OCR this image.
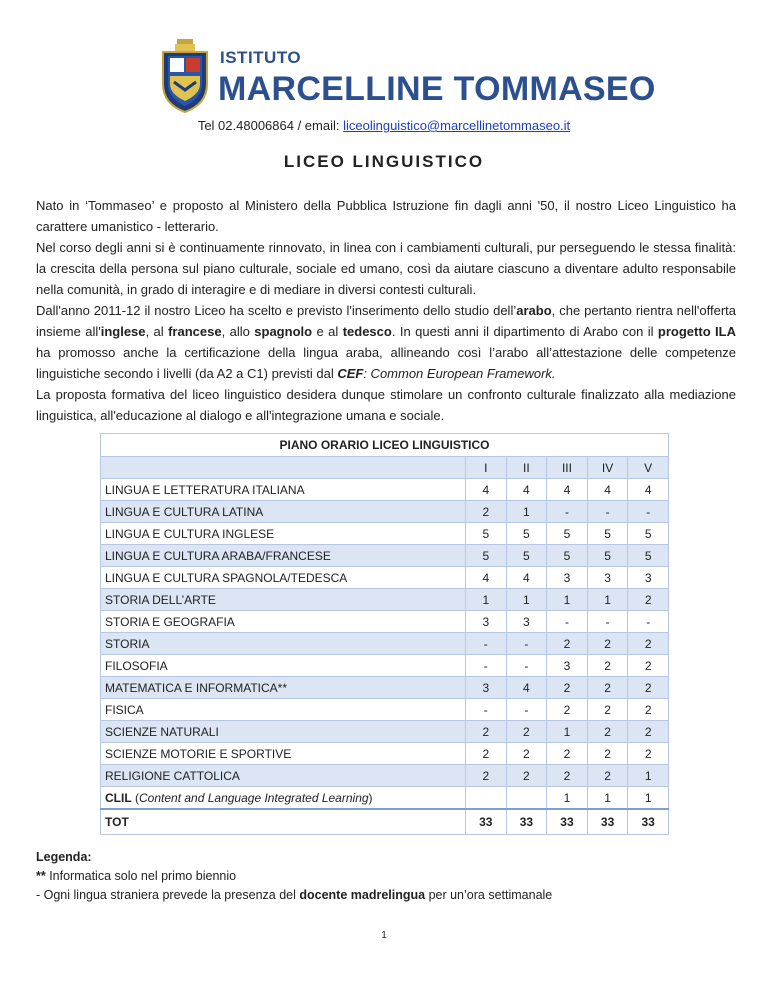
ISTITUTO
MARCELLINE TOMMASEO
Tel 02.48006864 / email: liceolinguistico@marcellinetommaseo.it
LICEO LINGUISTICO

Nato in ‘Tommaseo’ e proposto al Ministero della Pubblica Istruzione fin dagli anni '50, il nostro Liceo Linguistico ha carattere umanistico - letterario.

Nel corso degli anni si è continuamente rinnovato, in linea con i cambiamenti culturali, pur perseguendo le stessa finalità: la crescita della persona sul piano culturale, sociale ed umano, così da aiutare ciascuno a diventare adulto responsabile nella comunità, in grado di interagire e di mediare in diversi contesti culturali.

Dall'anno 2011-12 il nostro Liceo ha scelto e previsto l'inserimento dello studio dell’arabo, che pertanto rientra nell'offerta insieme all'inglese, al francese, allo spagnolo e al tedesco. In questi anni il dipartimento di Arabo con il progetto ILA ha promosso anche la certificazione della lingua araba, allineando così l’arabo all’attestazione delle competenze linguistiche secondo i livelli (da A2 a C1) previsti dal CEF: Common European Framework.

La proposta formativa del liceo linguistico desidera dunque stimolare un confronto culturale finalizzato alla mediazione linguistica, all'educazione al dialogo e all'integrazione umana e sociale.

PIANO ORARIO LICEO LINGUISTICO					
	I	II	III	IV	V
LINGUA E LETTERATURA ITALIANA	4	4	4	4	4
LINGUA E CULTURA LATINA	2	1	-	-	-
LINGUA E CULTURA INGLESE	5	5	5	5	5
LINGUA E CULTURA ARABA/FRANCESE	5	5	5	5	5
LINGUA E CULTURA SPAGNOLA/TEDESCA	4	4	3	3	3
STORIA DELL’ARTE	1	1	1	1	2
STORIA E GEOGRAFIA	3	3	-	-	-
STORIA	-	-	2	2	2
FILOSOFIA	-	-	3	2	2
MATEMATICA E INFORMATICA**	3	4	2	2	2
FISICA	-	-	2	2	2
SCIENZE NATURALI	2	2	1	2	2
SCIENZE MOTORIE E SPORTIVE	2	2	2	2	2
RELIGIONE CATTOLICA	2	2	2	2	1
CLIL (Content and Language Integrated Learning)			1	1	1
TOT	33	33	33	33	33
Legenda:
** Informatica solo nel primo biennio
- Ogni lingua straniera prevede la presenza del docente madrelingua per un’ora settimanale
1
